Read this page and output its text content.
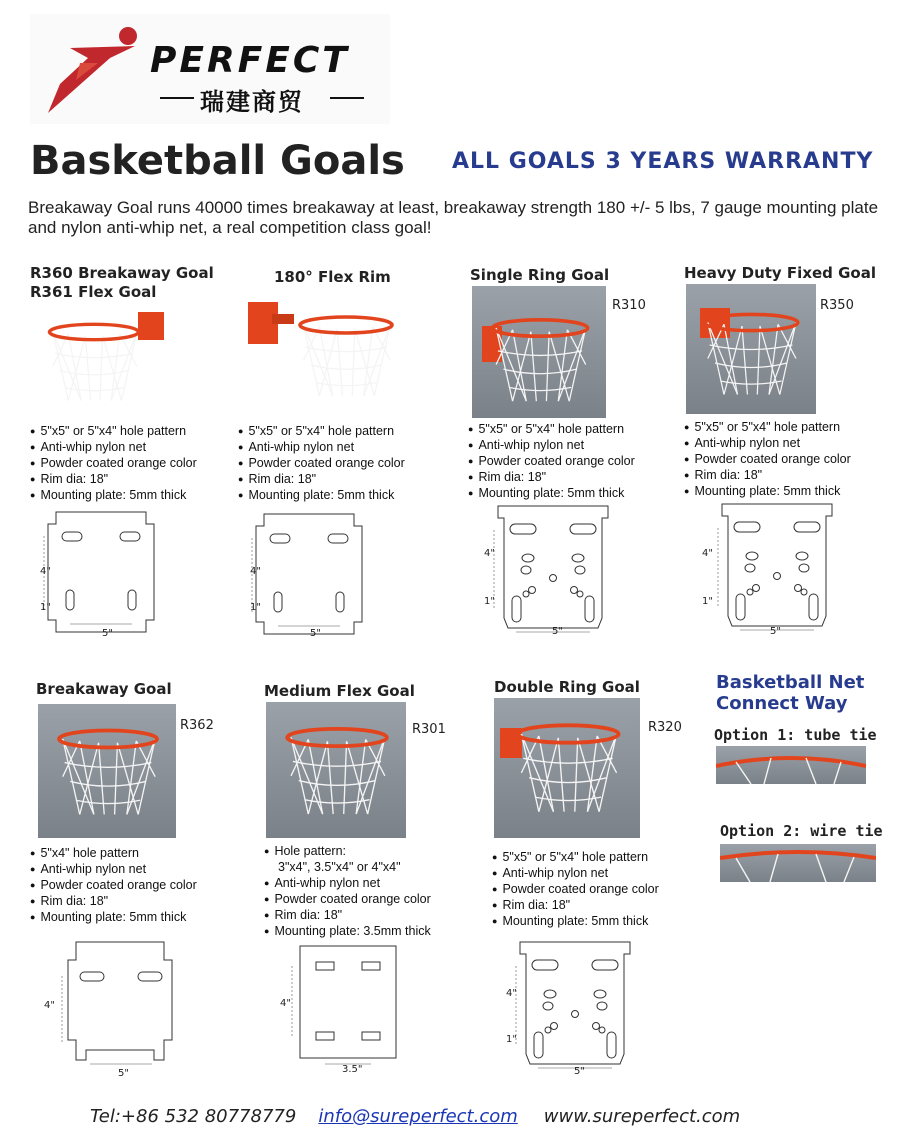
PERFECT
瑞建商贸
Basketball Goals ALL GOALS 3 YEARS WARRANTY
Breakaway Goal runs 40000 times breakaway at least, breakaway strength 180 +/- 5 lbs, 7 gauge mounting plate and nylon anti-whip net, a real competition class goal!
R360 Breakaway Goal
R361 Flex Goal
● 5"x5" or 5"x4" hole pattern
● Anti-whip nylon net
● Powder coated orange color
● Rim dia: 18"
● Mounting plate: 5mm thick
4"
1"
5"
180° Flex Rim
● 5"x5" or 5"x4" hole pattern
● Anti-whip nylon net
● Powder coated orange color
● Rim dia: 18"
● Mounting plate: 5mm thick
4"
1"
5"
Single Ring Goal
R310
● 5"x5" or 5"x4" hole pattern
● Anti-whip nylon net
● Powder coated orange color
● Rim dia: 18"
● Mounting plate: 5mm thick
4"
1"
5"
Heavy Duty Fixed Goal
R350
● 5"x5" or 5"x4" hole pattern
● Anti-whip nylon net
● Powder coated orange color
● Rim dia: 18"
● Mounting plate: 5mm thick
4"
1"
5"
Breakaway Goal
R362
● 5"x4" hole pattern
● Anti-whip nylon net
● Powder coated orange color
● Rim dia: 18"
● Mounting plate: 5mm thick
4"
5"
Medium Flex Goal
R301
● Hole pattern:
3"x4", 3.5"x4" or 4"x4"
● Anti-whip nylon net
● Powder coated orange color
● Rim dia: 18"
● Mounting plate: 3.5mm thick
4"
3.5"
Double Ring Goal
R320
● 5"x5" or 5"x4" hole pattern
● Anti-whip nylon net
● Powder coated orange color
● Rim dia: 18"
● Mounting plate: 5mm thick
4"
1"
5"
Basketball Net
Connect Way
Option 1: tube tie
Option 2: wire tie
Tel:+86 532 80778779 info@sureperfect.com www.sureperfect.com
